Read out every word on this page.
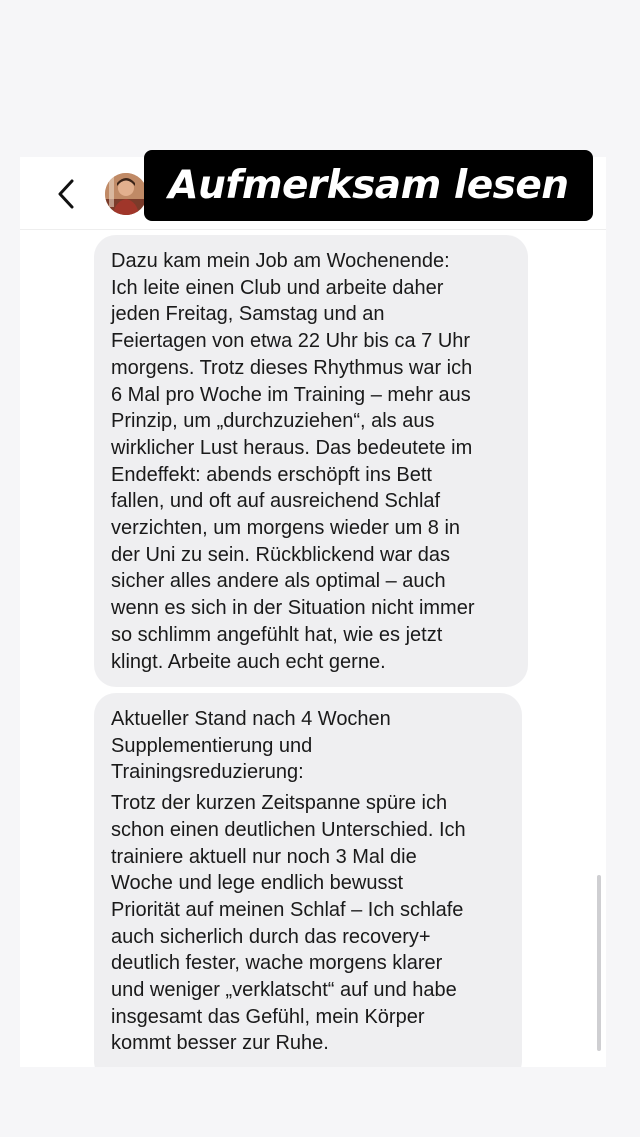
Dazu kam mein Job am Wochenende:
Ich leite einen Club und arbeite daher
jeden Freitag, Samstag und an
Feiertagen von etwa 22 Uhr bis ca 7 Uhr
morgens. Trotz dieses Rhythmus war ich
6 Mal pro Woche im Training – mehr aus
Prinzip, um „durchzuziehen“, als aus
wirklicher Lust heraus. Das bedeutete im
Endeffekt: abends erschöpft ins Bett
fallen, und oft auf ausreichend Schlaf
verzichten, um morgens wieder um 8 in
der Uni zu sein. Rückblickend war das
sicher alles andere als optimal – auch
wenn es sich in der Situation nicht immer
so schlimm angefühlt hat, wie es jetzt
klingt. Arbeite auch echt gerne.
Aktueller Stand nach 4 Wochen
Supplementierung und
Trainingsreduzierung:
Trotz der kurzen Zeitspanne spüre ich
schon einen deutlichen Unterschied. Ich
trainiere aktuell nur noch 3 Mal die
Woche und lege endlich bewusst
Priorität auf meinen Schlaf – Ich schlafe
auch sicherlich durch das recovery+
deutlich fester, wache morgens klarer
und weniger „verklatscht“ auf und habe
insgesamt das Gefühl, mein Körper
kommt besser zur Ruhe.
Aufmerksam lesen
